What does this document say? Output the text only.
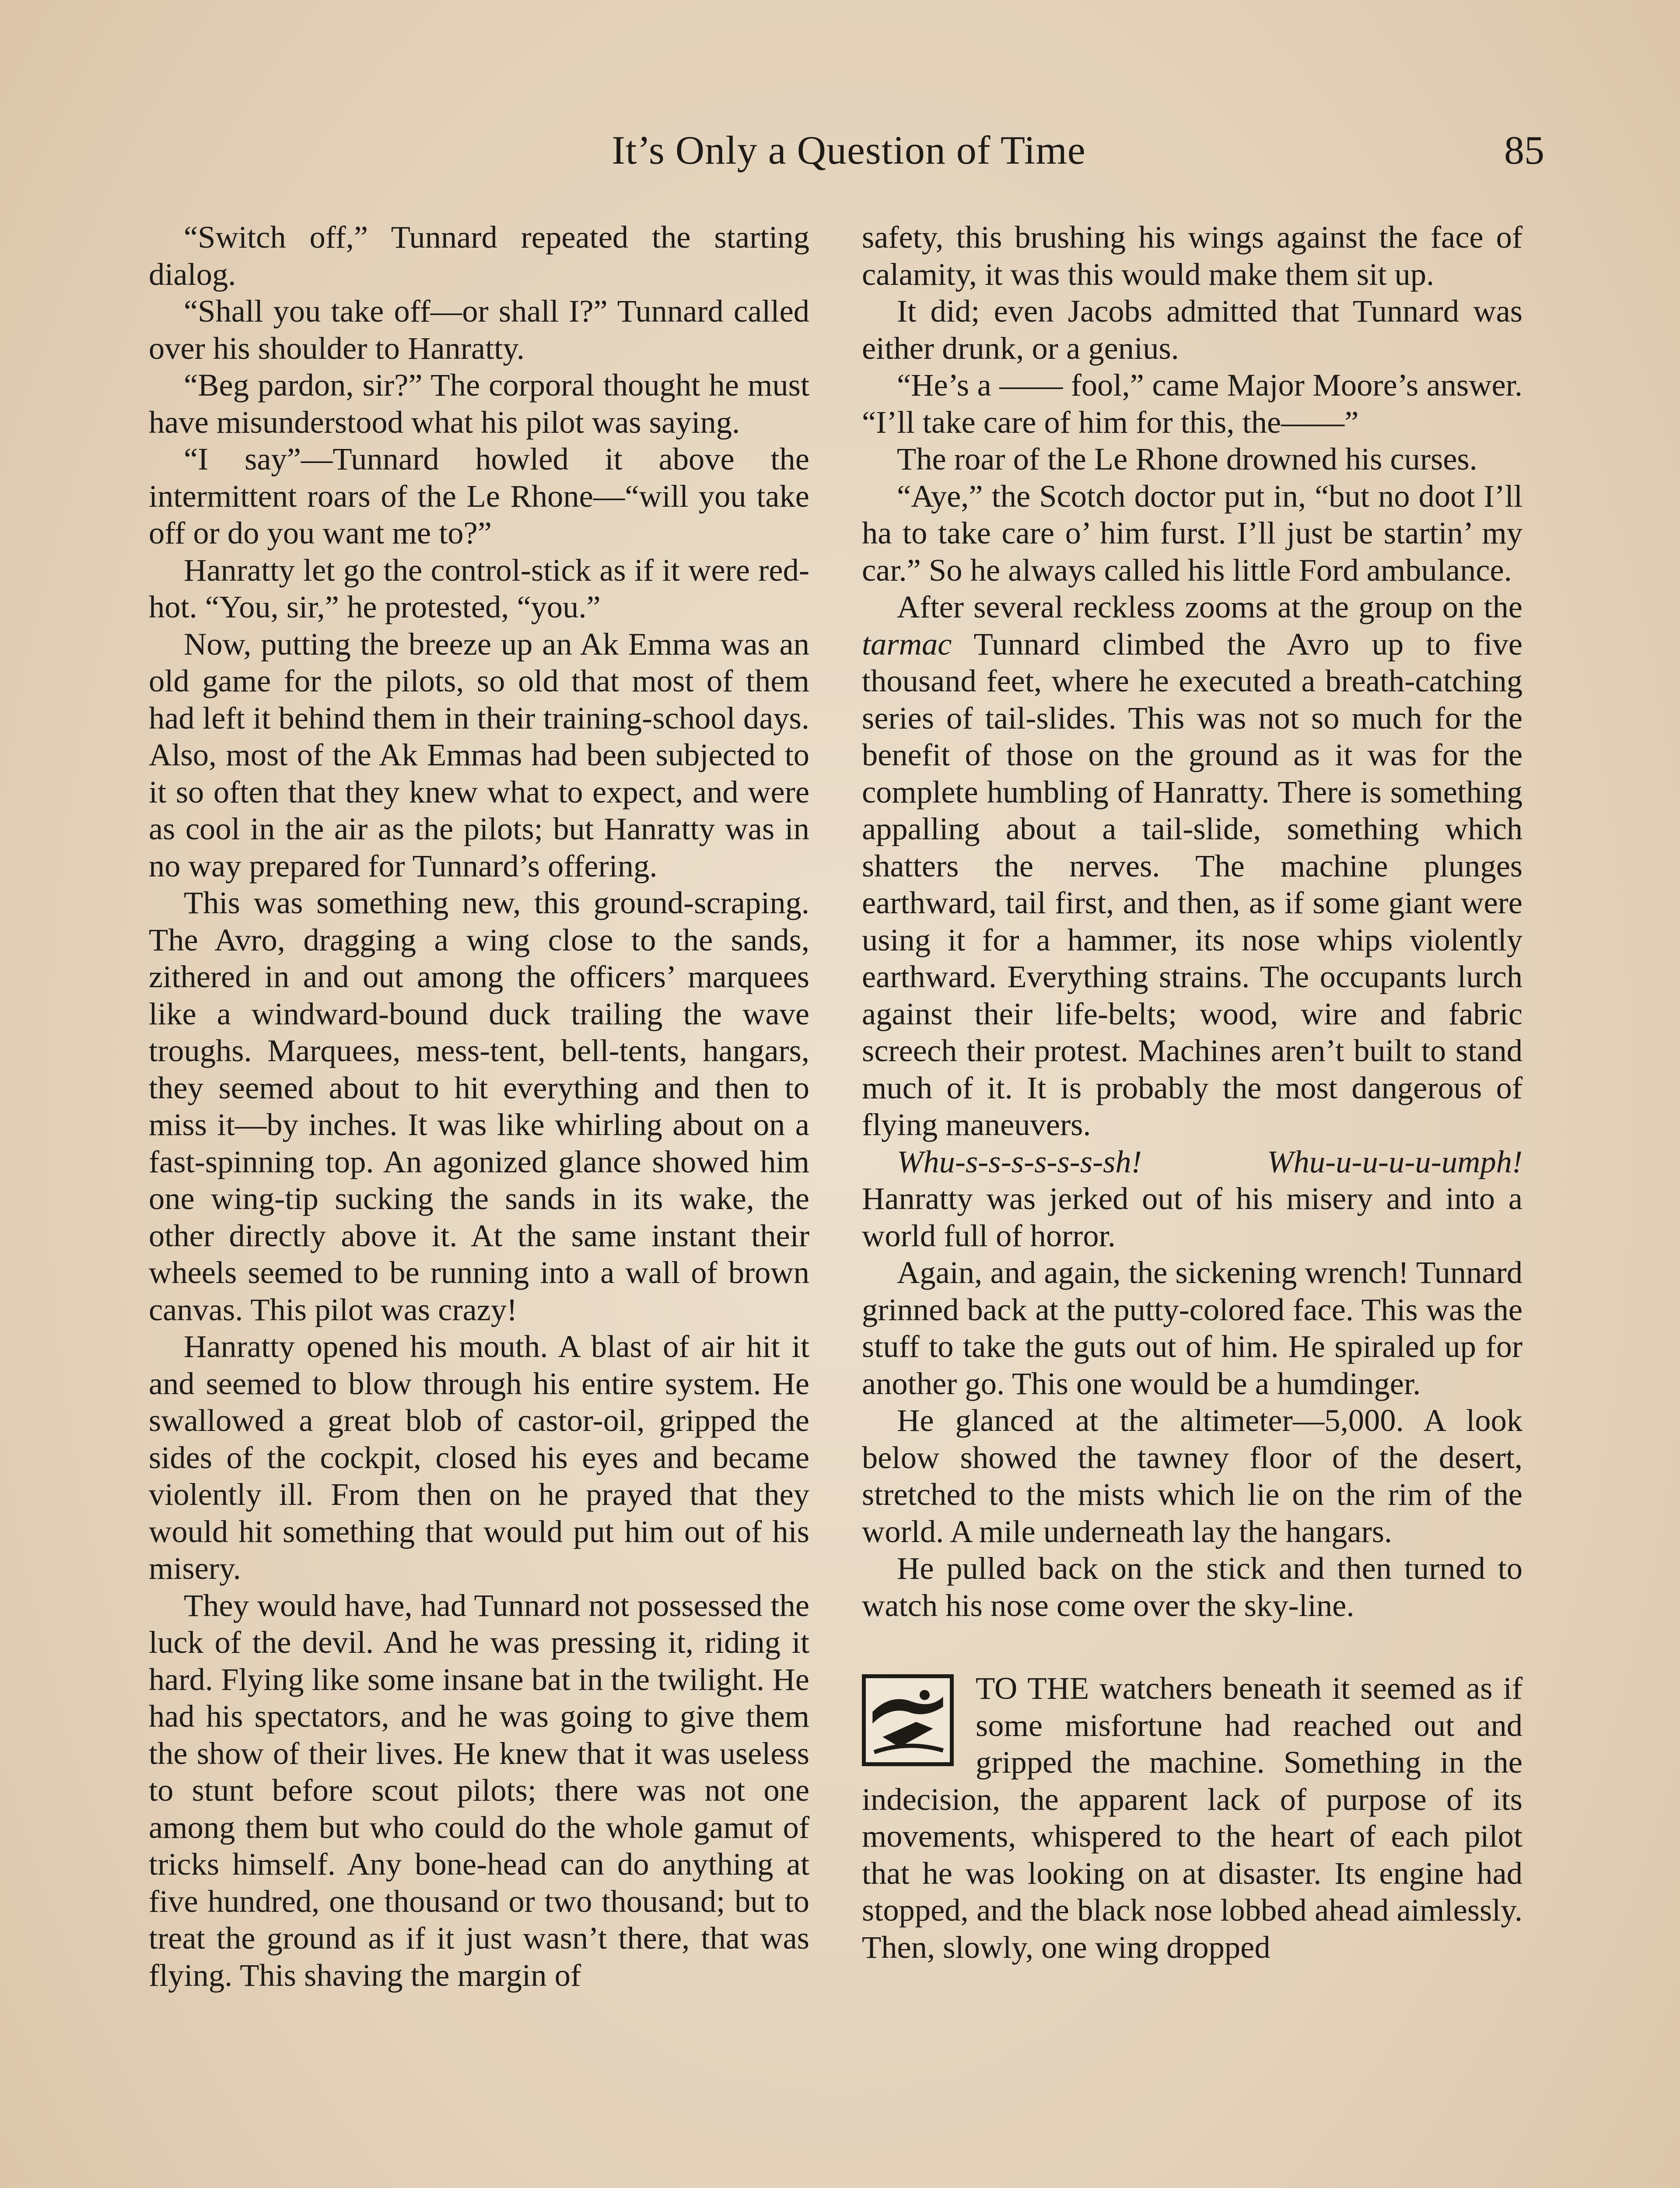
It’s Only a Question of Time	85

“Switch off,” Tunnard repeated the starting dialog.

“Shall you take off—or shall I?” Tunnard called over his shoulder to Hanratty.

“Beg pardon, sir?” The corporal thought he must have misunderstood what his pilot was saying.

“I say”—Tunnard howled it above the intermittent roars of the Le Rhone—“will you take off or do you want me to?”

Hanratty let go the control-stick as if it were red-hot. “You, sir,” he protested, “you.”

Now, putting the breeze up an Ak Emma was an old game for the pilots, so old that most of them had left it behind them in their training-school days. Also, most of the Ak Emmas had been subjected to it so often that they knew what to expect, and were as cool in the air as the pilots; but Hanratty was in no way prepared for Tunnard’s offering.

This was something new, this ground-scraping. The Avro, dragging a wing close to the sands, zithered in and out among the officers’ marquees like a windward-bound duck trailing the wave troughs. Marquees, mess-tent, bell-tents, hangars, they seemed about to hit everything and then to miss it—by inches. It was like whirling about on a fast-spinning top. An agonized glance showed him one wing-tip sucking the sands in its wake, the other directly above it. At the same instant their wheels seemed to be running into a wall of brown canvas. This pilot was crazy!

Hanratty opened his mouth. A blast of air hit it and seemed to blow through his entire system. He swallowed a great blob of castor-oil, gripped the sides of the cockpit, closed his eyes and became violently ill. From then on he prayed that they would hit something that would put him out of his misery.

They would have, had Tunnard not possessed the luck of the devil. And he was pressing it, riding it hard. Flying like some insane bat in the twilight. He had his spectators, and he was going to give them the show of their lives. He knew that it was useless to stunt before scout pilots; there was not one among them but who could do the whole gamut of tricks himself. Any bone-head can do anything at five hundred, one thousand or two thousand; but to treat the ground as if it just wasn’t there, that was flying. This shaving the margin of

safety, this brushing his wings against the face of calamity, it was this would make them sit up.

It did; even Jacobs admitted that Tunnard was either drunk, or a genius.

“He’s a —— fool,” came Major Moore’s answer. “I’ll take care of him for this, the——”

The roar of the Le Rhone drowned his curses.

“Aye,” the Scotch doctor put in, “but no doot I’ll ha to take care o’ him furst. I’ll just be startin’ my car.” So he always called his little Ford ambulance.

After several reckless zooms at the group on the tarmac Tunnard climbed the Avro up to five thousand feet, where he executed a breath-catching series of tail-slides. This was not so much for the benefit of those on the ground as it was for the complete humbling of Hanratty. There is something appalling about a tail-slide, something which shatters the nerves. The machine plunges earthward, tail first, and then, as if some giant were using it for a hammer, its nose whips violently earthward. Everything strains. The occupants lurch against their life-belts; wood, wire and fabric screech their protest. Machines aren’t built to stand much of it. It is probably the most dangerous of flying maneuvers.

Whu-s-s-s-s-s-s-sh!	Whu-u-u-u-u-umph! Hanratty was jerked out of his misery and into a world full of horror.

Again, and again, the sickening wrench! Tunnard grinned back at the putty-colored face. This was the stuff to take the guts out of him. He spiraled up for another go. This one would be a humdinger.

He glanced at the altimeter—5,000. A look below showed the tawney floor of the desert, stretched to the mists which lie on the rim of the world. A mile underneath lay the hangars.

He pulled back on the stick and then turned to watch his nose come over the sky-line.

TO THE watchers beneath it seemed as if some misfortune had reached out and gripped the machine. Something in the indecision, the apparent lack of purpose of its movements, whispered to the heart of each pilot that he was looking on at disaster. Its engine had stopped, and the black nose lobbed ahead aimlessly. Then, slowly, one wing dropped
